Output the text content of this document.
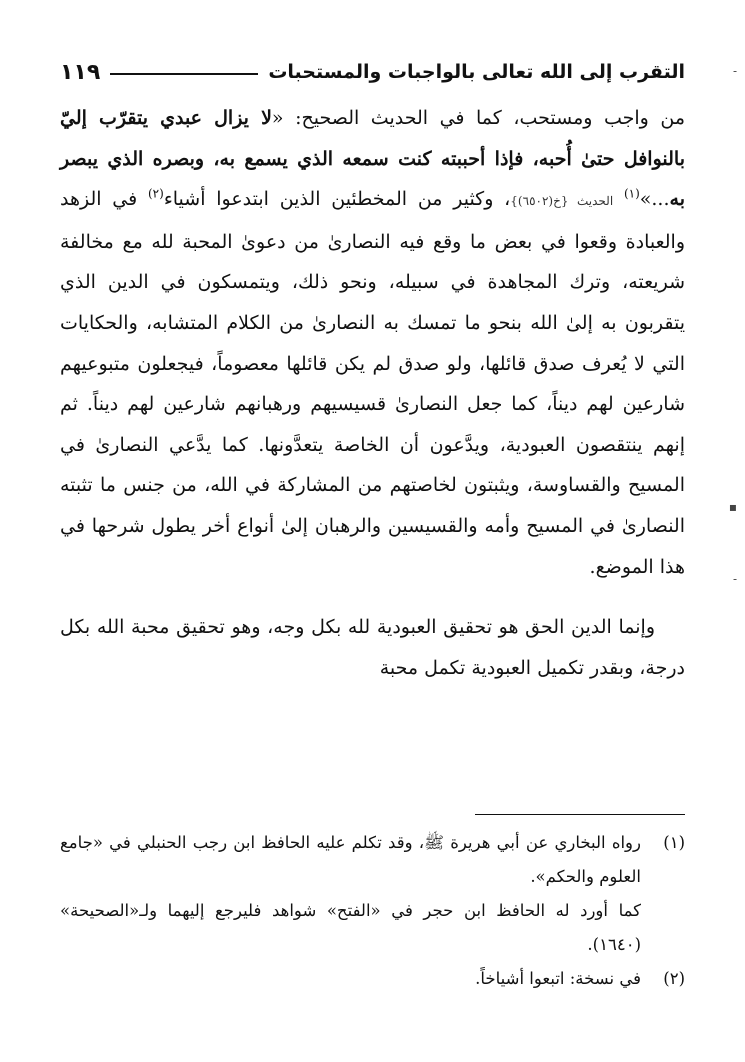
التقرب إلى الله تعالى بالواجبات والمستحبات
١١٩

من واجب ومستحب، كما في الحديث الصحيح: «لا يزال عبدي يتقرّب إليّ بالنوافل حتىٰ أُحبه، فإذا أحببته كنت سمعه الذي يسمع به، وبصره الذي يبصر به...»$^{(١)}$ الحديث {خ(٦٥٠٢)}، وكثير من المخطئين الذين ابتدعوا أشياء$^{(٢)}$ في الزهد والعبادة وقعوا في بعض ما وقع فيه النصارىٰ من دعوىٰ المحبة لله مع مخالفة شريعته، وترك المجاهدة في سبيله، ونحو ذلك، ويتمسكون في الدين الذي يتقربون به إلىٰ الله بنحو ما تمسك به النصارىٰ من الكلام المتشابه، والحكايات التي لا يُعرف صدق قائلها، ولو صدق لم يكن قائلها معصوماً، فيجعلون متبوعيهم شارعين لهم ديناً، كما جعل النصارىٰ قسيسيهم ورهبانهم شارعين لهم ديناً. ثم إنهم ينتقصون العبودية، ويدَّعون أن الخاصة يتعدَّونها. كما يدَّعي النصارىٰ في المسيح والقساوسة، ويثبتون لخاصتهم من المشاركة في الله، من جنس ما تثبته النصارىٰ في المسيح وأمه والقسيسين والرهبان إلىٰ أنواع أخر يطول شرحها في هذا الموضع.

وإنما الدين الحق هو تحقيق العبودية لله بكل وجه، وهو تحقيق محبة الله بكل درجة، وبقدر تكميل العبودية تكمل محبة

(١)
رواه البخاري عن أبي هريرة ﷺ، وقد تكلم عليه الحافظ ابن رجب الحنبلي في «جامع العلوم والحكم».
كما أورد له الحافظ ابن حجر في «الفتح» شواهد فليرجع إليهما ولـ«الصحيحة» (١٦٤٠).
(٢)
في نسخة: اتبعوا أشياخاً.
-
▪
-
